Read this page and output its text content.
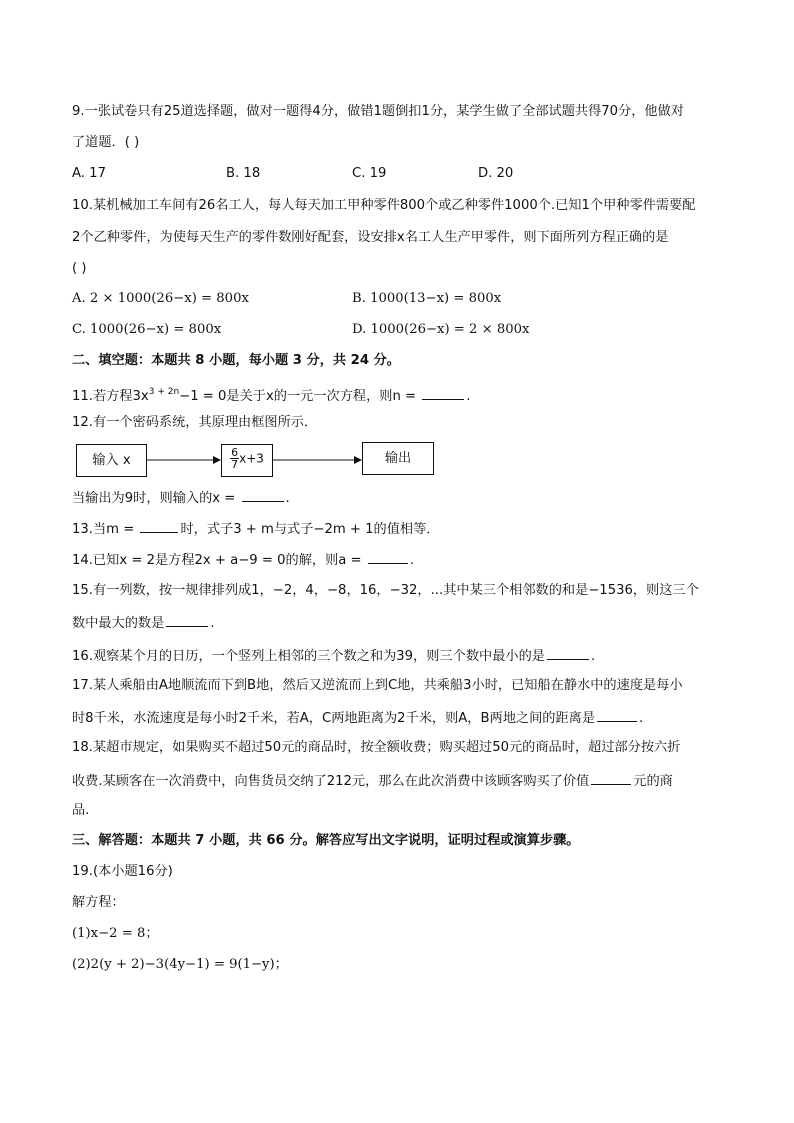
9.一张试卷只有25道选择题，做对一题得4分，做错1题倒扣1分，某学生做了全部试题共得70分，他做对
了道题．( )
A. 17	B. 18	C. 19	D. 20
10.某机械加工车间有26名工人，每人每天加工甲种零件800个或乙种零件1000个.已知1个甲种零件需要配
2个乙种零件，为使每天生产的零件数刚好配套，设安排x名工人生产甲零件，则下面所列方程正确的是
( )
A. 2 × 1000(26−x) = 800x	B. 1000(13−x) = 800x
C. 1000(26−x) = 800x	D. 1000(26−x) = 2 × 800x
二、填空题：本题共 8 小题，每小题 3 分，共 24 分。
11.若方程$3x^{3 + 2n}-1 = 0$是关于x的一元一次方程，则n =	.
12.有一个密码系统，其原理由框图所示．
输入 x	$\frac{6}{7} x+3$	输出
当输出为9时，则输入的x =	.
13.当m =	时，式子3 + m与式子−2m + 1的值相等．
14.已知x = 2是方程2x + a−9 = 0的解，则a =	.
15.有一列数，按一规律排列成1，−2，4，−8，16，−32，...其中某三个相邻数的和是−1536，则这三个
数中最大的数是	.
16.观察某个月的日历，一个竖列上相邻的三个数之和为39，则三个数中最小的是	.
17.某人乘船由A地顺流而下到B地，然后又逆流而上到C地，共乘船3小时，已知船在静水中的速度是每小
时8千米，水流速度是每小时2千米，若A，C两地距离为2千米，则A，B两地之间的距离是	.
18.某超市规定，如果购买不超过50元的商品时，按全额收费；购买超过50元的商品时，超过部分按六折
收费.某顾客在一次消费中，向售货员交纳了212元，那么在此次消费中该顾客购买了价值	元的商
品.
三、解答题：本题共 7 小题，共 66 分。解答应写出文字说明，证明过程或演算步骤。
19.(本小题16分)
解方程：
(1)x−2 = 8；
(2)2(y + 2)−3(4y−1) = 9(1−y)；
